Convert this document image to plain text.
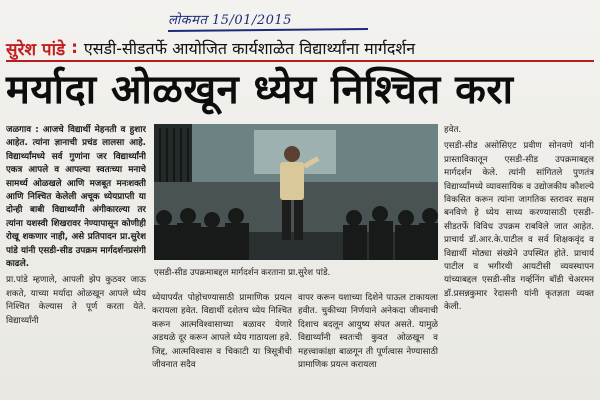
लोकमत 15/01/2015
सुरेश पांडे : एसडी-सीडतर्फे आयोजित कार्यशाळेत विद्यार्थ्यांना मार्गदर्शन
मर्यादा ओळखून ध्येय निश्चित करा

जळगाव : आजचे विद्यार्थी मेहनती व हुशार आहेत. त्यांना ज्ञानाची प्रचंड लालसा आहे. विद्यार्थ्यांमध्ये सर्व गुणांना जर विद्यार्थ्यांनी एकत्र आपले व आपल्या स्वतःच्या मनाचे सामर्थ्य ओळखले आणि मजबूत मनःशक्ती आणि निश्चित केलेली अचूक ध्येयप्राप्ती या दोन्ही बाबी विद्यार्थ्यांनी अंगीकारल्या तर त्यांना यशस्वी शिखरावर नेण्यापासून कोणीही रोखू शकणार नाही, असे प्रतिपादन प्रा.सुरेश पांडे यांनी एसडी-सीड उपक्रम मार्गदर्शनप्रसंगी काढले.

प्रा.पांडे म्हणाले, आपली झेप कुठवर जाऊ शकते, याच्या मर्यादा ओळखून आपले ध्येय निश्चित केल्यास ते पूर्ण करता येते. विद्यार्थ्यांनी

एसडी-सीड उपक्रमाबद्दल मार्गदर्शन करताना प्रा.सुरेश पांडे.

ध्येयापर्यंत पोहोचण्यासाठी प्रामाणिक प्रयत्न करायला हवेत. विद्यार्थी दशेतच ध्येय निश्चित करून आत्मविश्वासाच्या बळावर येणारे अडथळे दूर करून आपले ध्येय गाठायला हवे. जिद्द, आत्मविश्वास व चिकाटी या त्रिसूत्रीची जीवनात सदैव

वापर करून यशाच्या दिशेने पाऊल टाकायला हवीत. चुकीच्या निर्णयाने अनेकदा जीवनाची दिशाच बदलून आयुष्य संपत असते. यामुळे विद्यार्थ्यांनी स्वतःची कुवत ओळखून व महत्त्वाकांक्षा बाळगून ती पूर्णत्वास नेण्यासाठी प्रामाणिक प्रयत्न करायला

हवेत.

एसडी-सीड असोसिएट प्रवीण सोनवणे यांनी प्रास्ताविकातून एसडी-सीड उपक्रमाबद्दल मार्गदर्शन केले. त्यांनी सांगितले पुणतंत्र विद्यार्थ्यांमध्ये व्यावसायिक व उद्योजकीय कौशल्ये विकसित करून त्यांना जागतिक स्तरावर सक्षम बनविणे हे ध्येय साध्य करण्यासाठी एसडी-सीडतर्फे विविध उपक्रम राबविले जात आहेत. प्राचार्य डॉ.आर.के.पाटील व सर्व शिक्षकवृंद व विद्यार्थी मोठ्या संख्येने उपस्थित होते. प्राचार्य पाटील व भगीरथी आयटीसी व्यवस्थापन यांच्याबद्दल एसडी-सीड गर्व्हनिंग बॉडी चेअरमन डॉ.प्रसन्नकुमार रेदासनी यांनी कृतज्ञता व्यक्त केली.
